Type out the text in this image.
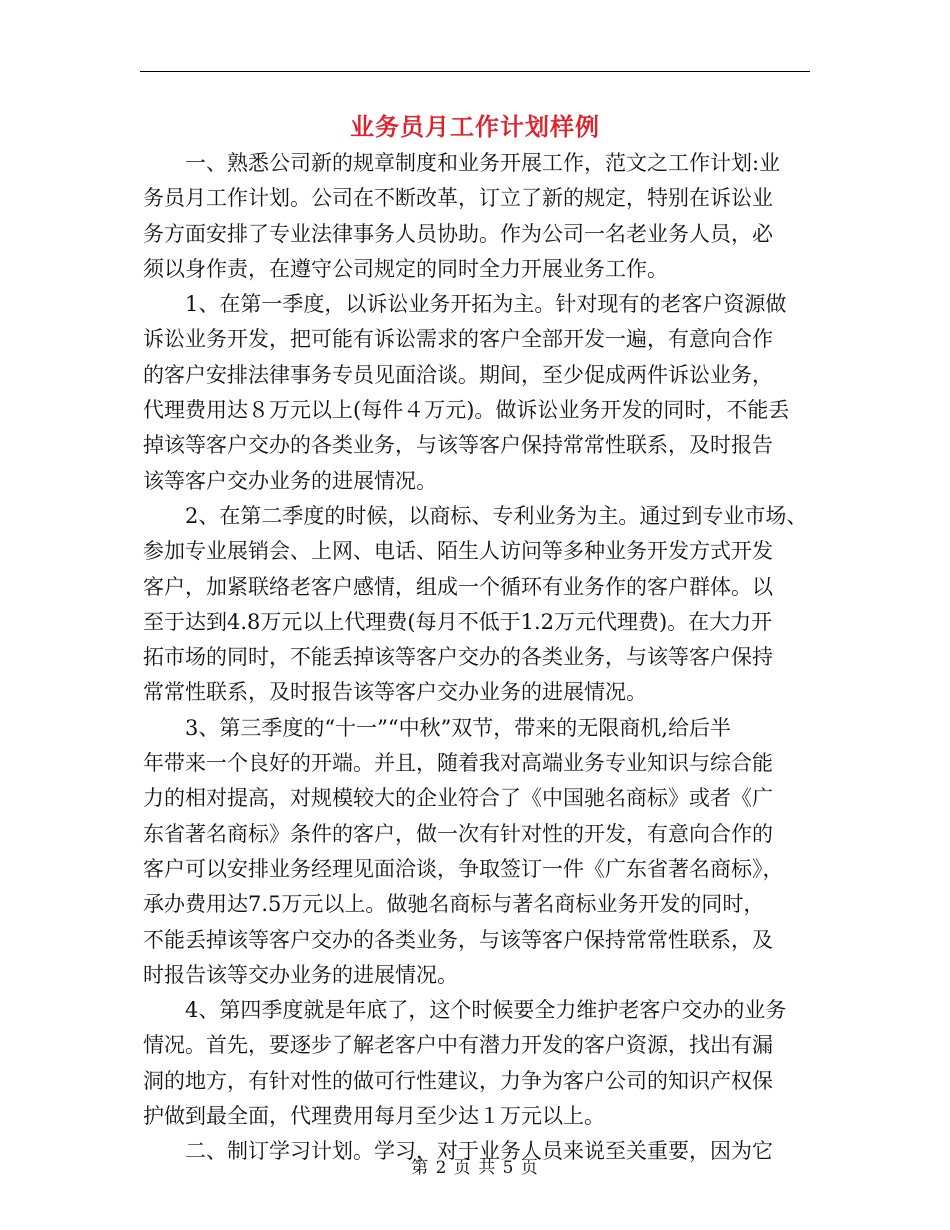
业务员月工作计划样例
一、熟悉公司新的规章制度和业务开展工作，范文之工作计划:业
务员月工作计划。公司在不断改革，订立了新的规定，特别在诉讼业
务方面安排了专业法律事务人员协助。作为公司一名老业务人员，必
须以身作责，在遵守公司规定的同时全力开展业务工作。
1、在第一季度，以诉讼业务开拓为主。针对现有的老客户资源做
诉讼业务开发，把可能有诉讼需求的客户全部开发一遍，有意向合作
的客户安排法律事务专员见面洽谈。期间，至少促成两件诉讼业务，
代理费用达８万元以上(每件４万元)。做诉讼业务开发的同时，不能丢
掉该等客户交办的各类业务，与该等客户保持常常性联系，及时报告
该等客户交办业务的进展情况。
2、在第二季度的时候，以商标、专利业务为主。通过到专业市场、
参加专业展销会、上网、电话、陌生人访问等多种业务开发方式开发
客户，加紧联络老客户感情，组成一个循环有业务作的客户群体。以
至于达到4.8万元以上代理费(每月不低于1.2万元代理费)。在大力开
拓市场的同时，不能丢掉该等客户交办的各类业务，与该等客户保持
常常性联系，及时报告该等客户交办业务的进展情况。
3、第三季度的“十一”“中秋”双节，带来的无限商机,给后半
年带来一个良好的开端。并且，随着我对高端业务专业知识与综合能
力的相对提高，对规模较大的企业符合了《中国驰名商标》或者《广
东省著名商标》条件的客户，做一次有针对性的开发，有意向合作的
客户可以安排业务经理见面洽谈，争取签订一件《广东省著名商标》，
承办费用达7.5万元以上。做驰名商标与著名商标业务开发的同时，
不能丢掉该等客户交办的各类业务，与该等客户保持常常性联系，及
时报告该等交办业务的进展情况。
4、第四季度就是年底了，这个时候要全力维护老客户交办的业务
情况。首先，要逐步了解老客户中有潜力开发的客户资源，找出有漏
洞的地方，有针对性的做可行性建议，力争为客户公司的知识产权保
护做到最全面，代理费用每月至少达１万元以上。
二、制订学习计划。学习，对于业务人员来说至关重要，因为它
第 2 页 共 5 页
